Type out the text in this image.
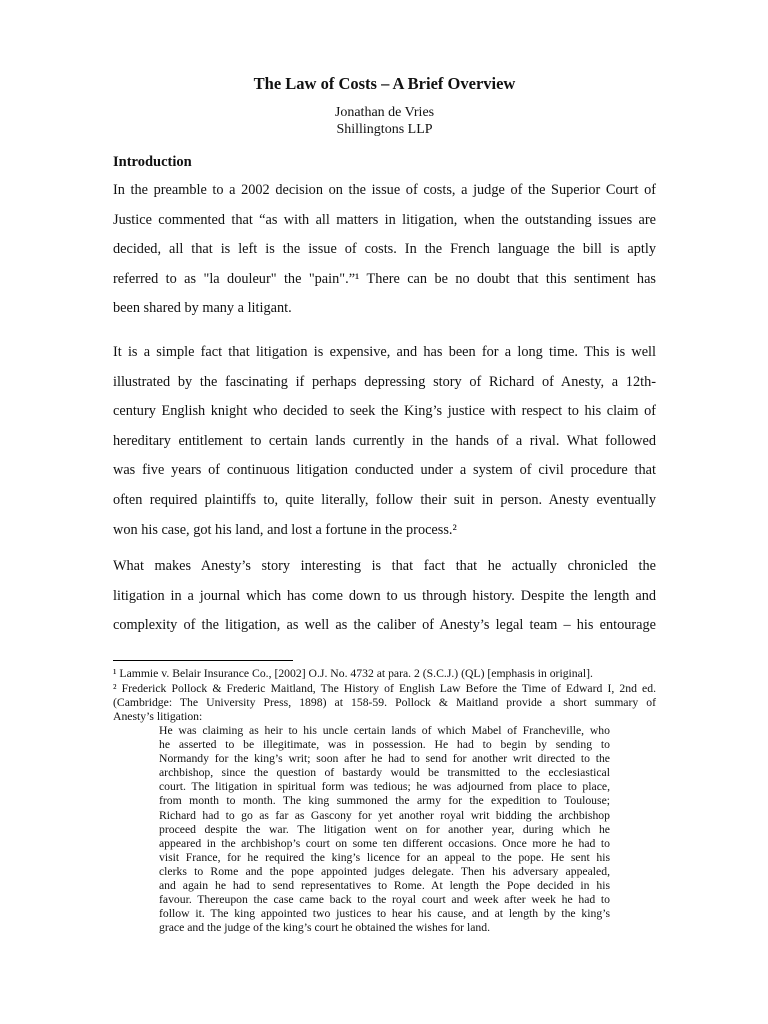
The Law of Costs – A Brief Overview
Jonathan de Vries
Shillingtons LLP
Introduction
In the preamble to a 2002 decision on the issue of costs, a judge of the Superior Court of
Justice commented that “as with all matters in litigation, when the outstanding issues are
decided, all that is left is the issue of costs. In the French language the bill is aptly
referred to as "la douleur" the "pain".”¹ There can be no doubt that this sentiment has
been shared by many a litigant.
It is a simple fact that litigation is expensive, and has been for a long time. This is well
illustrated by the fascinating if perhaps depressing story of Richard of Anesty, a 12th-
century English knight who decided to seek the King’s justice with respect to his claim of
hereditary entitlement to certain lands currently in the hands of a rival. What followed
was five years of continuous litigation conducted under a system of civil procedure that
often required plaintiffs to, quite literally, follow their suit in person. Anesty eventually
won his case, got his land, and lost a fortune in the process.²
What makes Anesty’s story interesting is that fact that he actually chronicled the
litigation in a journal which has come down to us through history. Despite the length and
complexity of the litigation, as well as the caliber of Anesty’s legal team – his entourage
¹ Lammie v. Belair Insurance Co., [2002] O.J. No. 4732 at para. 2 (S.C.J.) (QL) [emphasis in original].
² Frederick Pollock & Frederic Maitland, The History of English Law Before the Time of Edward I, 2nd ed.
(Cambridge: The University Press, 1898) at 158-59. Pollock & Maitland provide a short summary of
Anesty’s litigation:
He was claiming as heir to his uncle certain lands of which Mabel of Francheville, who
he asserted to be illegitimate, was in possession. He had to begin by sending to
Normandy for the king’s writ; soon after he had to send for another writ directed to the
archbishop, since the question of bastardy would be transmitted to the ecclesiastical
court. The litigation in spiritual form was tedious; he was adjourned from place to place,
from month to month. The king summoned the army for the expedition to Toulouse;
Richard had to go as far as Gascony for yet another royal writ bidding the archbishop
proceed despite the war. The litigation went on for another year, during which he
appeared in the archbishop’s court on some ten different occasions. Once more he had to
visit France, for he required the king’s licence for an appeal to the pope. He sent his
clerks to Rome and the pope appointed judges delegate. Then his adversary appealed,
and again he had to send representatives to Rome. At length the Pope decided in his
favour. Thereupon the case came back to the royal court and week after week he had to
follow it. The king appointed two justices to hear his cause, and at length by the king’s
grace and the judge of the king’s court he obtained the wishes for land.
